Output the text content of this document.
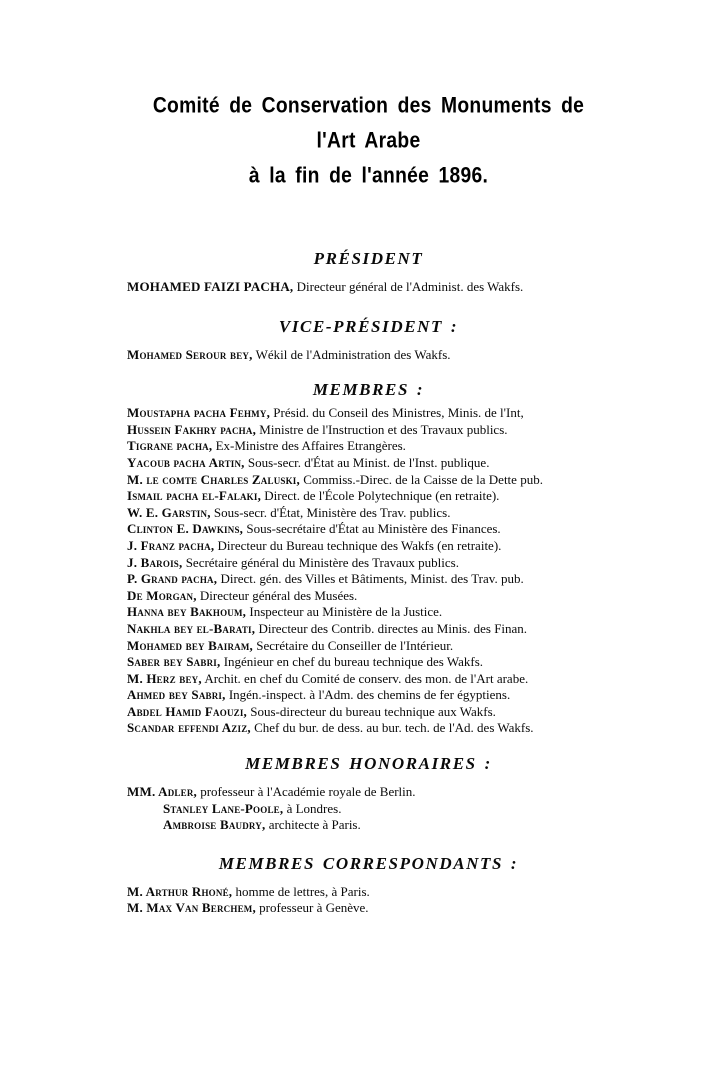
Comité de Conservation des Monuments de l'Art Arabe
à la fin de l'année 1896.
PRÉSIDENT
MOHAMED FAIZI PACHA, Directeur général de l'Administ. des Wakfs.
VICE-PRÉSIDENT :
Mohamed Serour bey, Wékil de l'Administration des Wakfs.
MEMBRES :
Moustapha pacha Fehmy, Présid. du Conseil des Ministres, Minis. de l'Int,
Hussein Fakhry pacha, Ministre de l'Instruction et des Travaux publics.
Tigrane pacha, Ex-Ministre des Affaires Etrangères.
Yacoub pacha Artin, Sous-secr. d'État au Minist. de l'Inst. publique.
M. le comte Charles Zaluski, Commiss.-Direc. de la Caisse de la Dette pub.
Ismail pacha el-Falaki, Direct. de l'École Polytechnique (en retraite).
W. E. Garstin, Sous-secr. d'État, Ministère des Trav. publics.
Clinton E. Dawkins, Sous-secrétaire d'État au Ministère des Finances.
J. Franz pacha, Directeur du Bureau technique des Wakfs (en retraite).
J. Barois, Secrétaire général du Ministère des Travaux publics.
P. Grand pacha, Direct. gén. des Villes et Bâtiments, Minist. des Trav. pub.
De Morgan, Directeur général des Musées.
Hanna bey Bakhoum, Inspecteur au Ministère de la Justice.
Nakhla bey el-Barati, Directeur des Contrib. directes au Minis. des Finan.
Mohamed bey Bairam, Secrétaire du Conseiller de l'Intérieur.
Saber bey Sabri, Ingénieur en chef du bureau technique des Wakfs.
M. Herz bey, Archit. en chef du Comité de conserv. des mon. de l'Art arabe.
Ahmed bey Sabri, Ingén.-inspect. à l'Adm. des chemins de fer égyptiens.
Abdel Hamid Faouzi, Sous-directeur du bureau technique aux Wakfs.
Scandar effendi Aziz, Chef du bur. de dess. au bur. tech. de l'Ad. des Wakfs.
MEMBRES HONORAIRES :
MM. Adler, professeur à l'Académie royale de Berlin.
Stanley Lane-Poole, à Londres.
Ambroise Baudry, architecte à Paris.
MEMBRES CORRESPONDANTS :
M. Arthur Rhoné, homme de lettres, à Paris.
M. Max Van Berchem, professeur à Genève.
